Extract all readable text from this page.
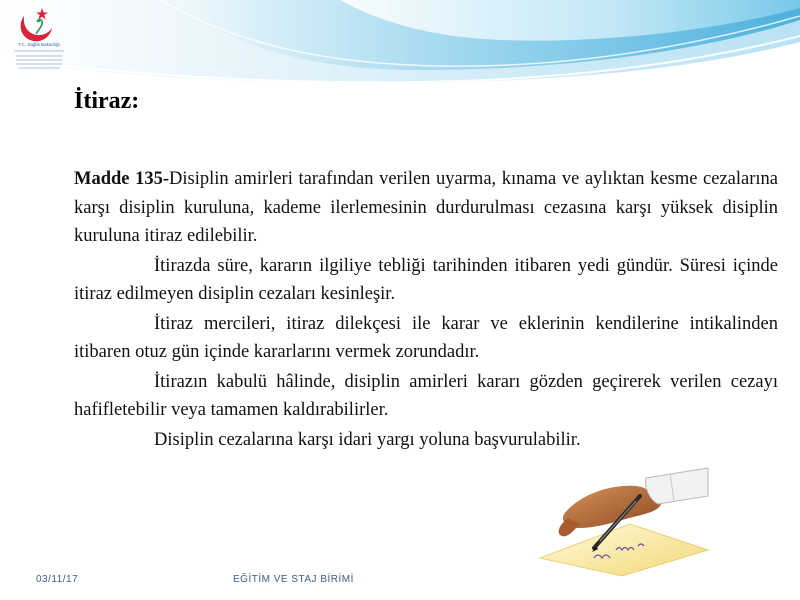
T.C. Sağlık Bakanlığı
İtiraz:

Madde 135-Disiplin amirleri tarafından verilen uyarma, kınama ve aylıktan kesme cezalarına karşı disiplin kuruluna, kademe ilerlemesinin durdurulması cezasına karşı yüksek disiplin kuruluna itiraz edilebilir.

İtirazda süre, kararın ilgiliye tebliği tarihinden itibaren yedi gündür. Süresi içinde itiraz edilmeyen disiplin cezaları kesinleşir.

İtiraz mercileri, itiraz dilekçesi ile karar ve eklerinin kendilerine intikalinden itibaren otuz gün içinde kararlarını vermek zorundadır.

İtirazın kabulü hâlinde, disiplin amirleri kararı gözden geçirerek verilen cezayı hafifletebilir veya tamamen kaldırabilirler.

Disiplin cezalarına karşı idari yargı yoluna başvurulabilir.

03/11/17	EĞİTİM VE STAJ BİRİMİ
